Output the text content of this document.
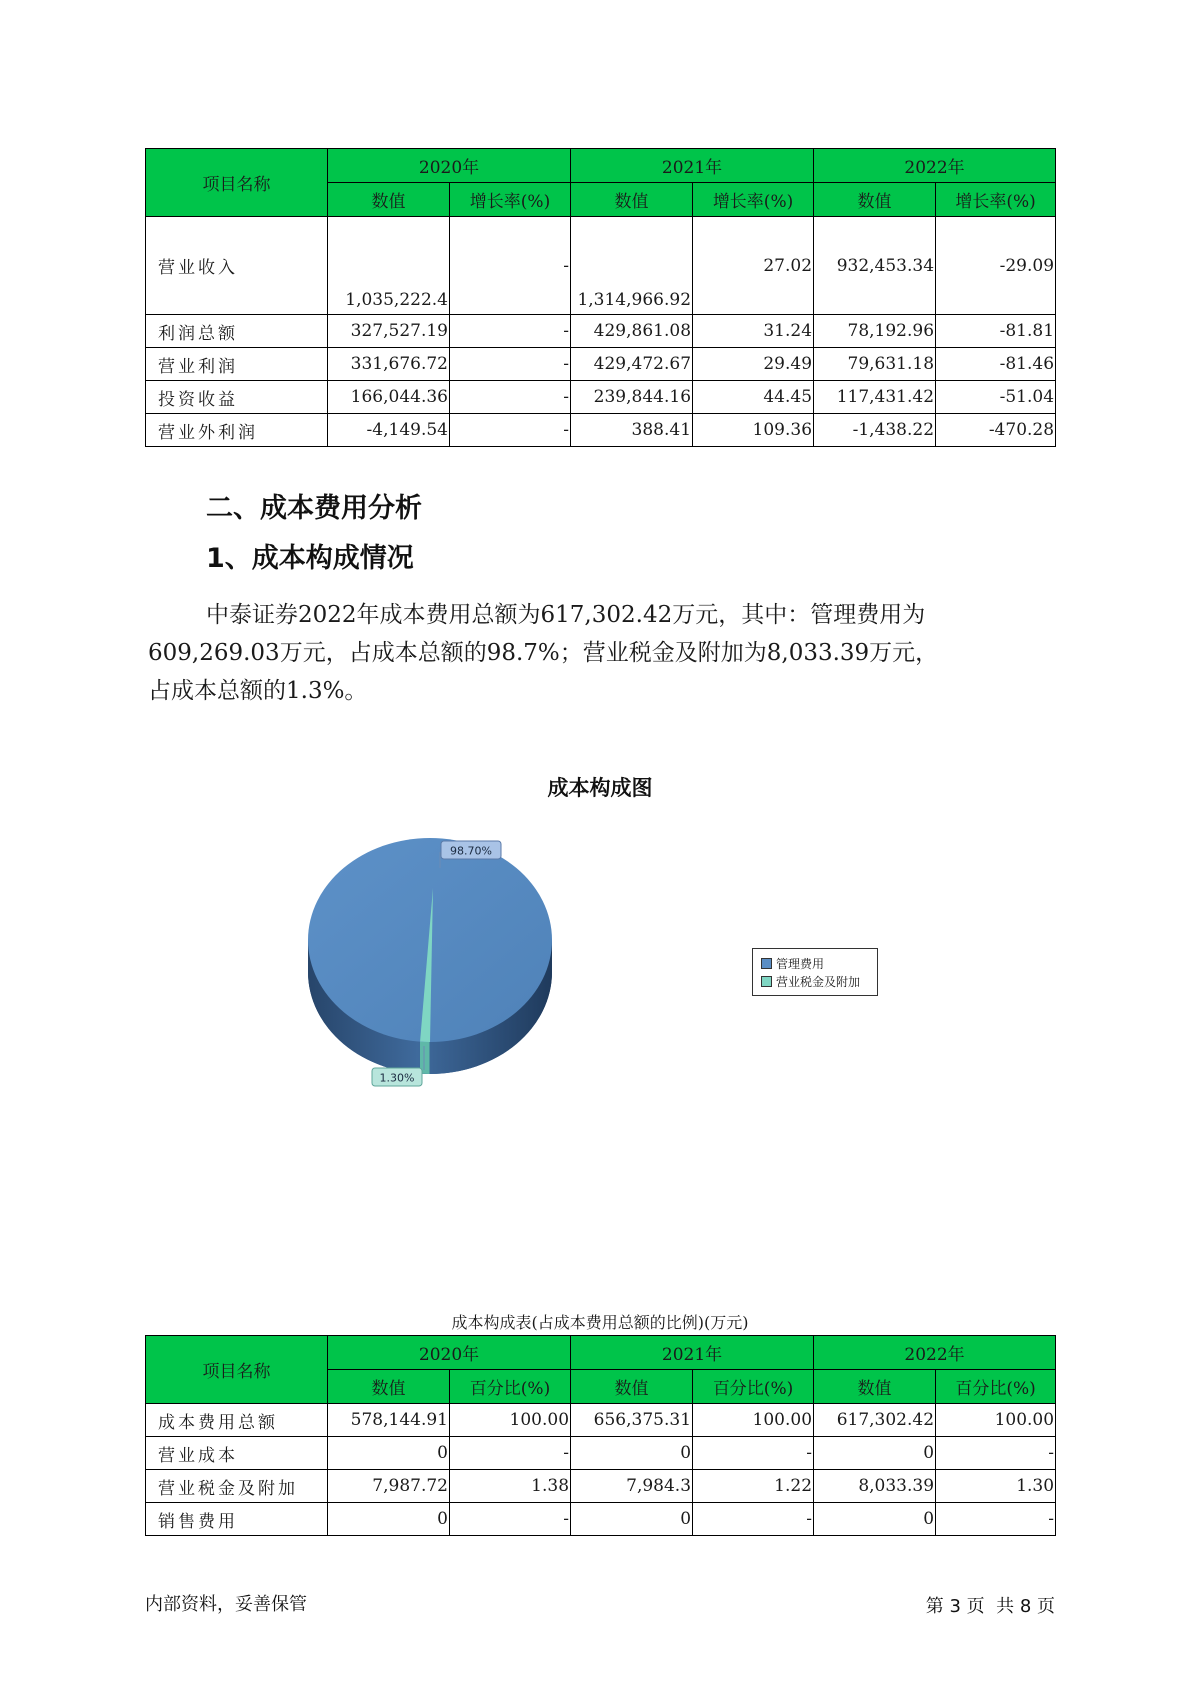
项目名称	2020年		2021年		2022年	
	数值	增长率(%)	数值	增长率(%)	数值	增长率(%)
营业收入	1,035,222.4	-	1,314,966.92	27.02	932,453.34	-29.09
利润总额	327,527.19	-	429,861.08	31.24	78,192.96	-81.81
营业利润	331,676.72	-	429,472.67	29.49	79,631.18	-81.46
投资收益	166,044.36	-	239,844.16	44.45	117,431.42	-51.04
营业外利润	-4,149.54	-	388.41	109.36	-1,438.22	-470.28
二、成本费用分析
1、成本构成情况
中泰证券2022年成本费用总额为617,302.42万元，其中：管理费用为
609,269.03万元，占成本总额的98.7%；营业税金及附加为8,033.39万元，
占成本总额的1.3%。
成本构成图
98.70%
1.30%
管理费用
营业税金及附加
成本构成表(占成本费用总额的比例)(万元)
项目名称	2020年		2021年		2022年	
	数值	百分比(%)	数值	百分比(%)	数值	百分比(%)
成本费用总额	578,144.91	100.00	656,375.31	100.00	617,302.42	100.00
营业成本	0	-	0	-	0	-
营业税金及附加	7,987.72	1.38	7,984.3	1.22	8,033.39	1.30
销售费用	0	-	0	-	0	-
内部资料，妥善保管	第 3 页  共 8 页
